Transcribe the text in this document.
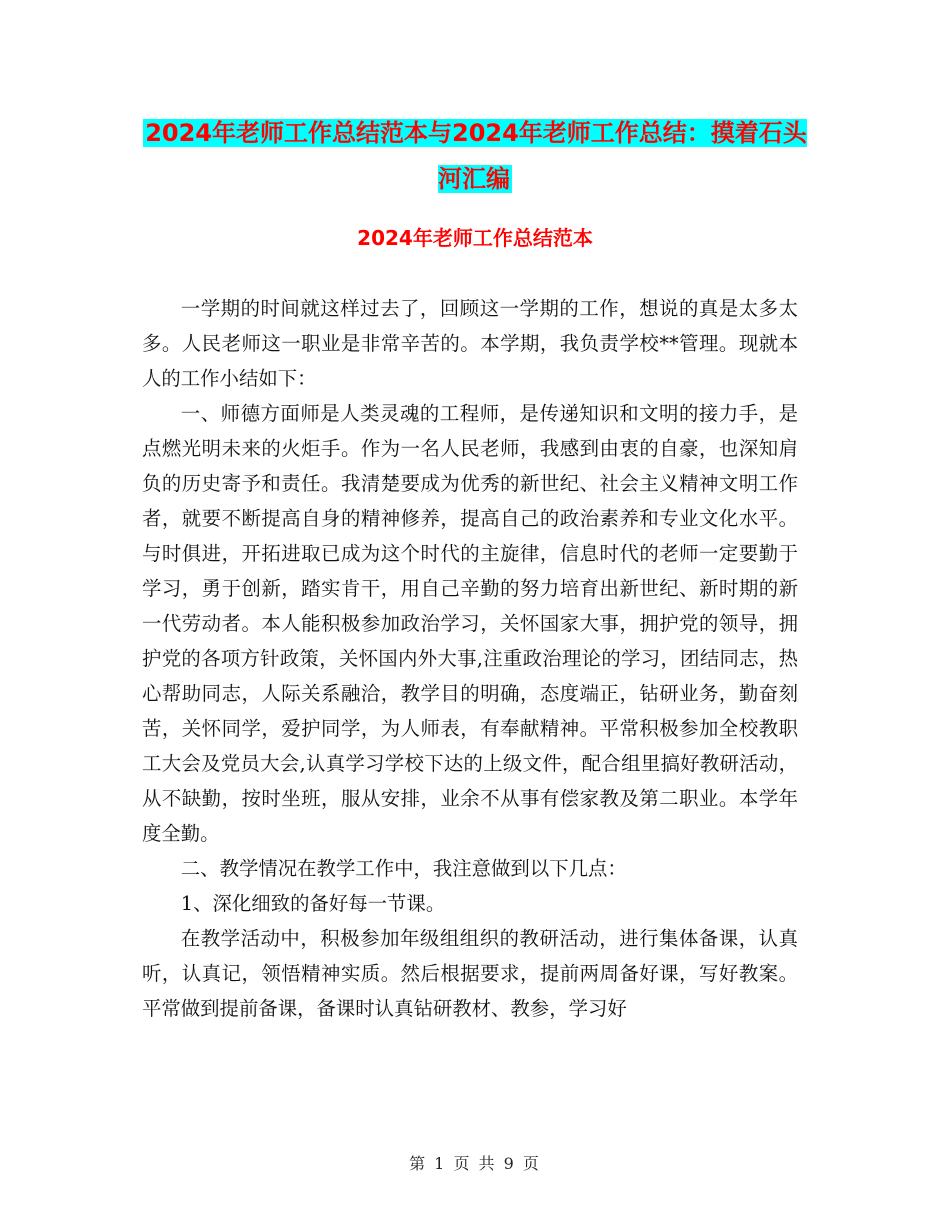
2024年老师工作总结范本与2024年老师工作总结：摸着石头河汇编
2024年老师工作总结范本

一学期的时间就这样过去了，回顾这一学期的工作，想说的真是太多太多。人民老师这一职业是非常辛苦的。本学期，我负责学校**管理。现就本人的工作小结如下：

一、师德方面师是人类灵魂的工程师，是传递知识和文明的接力手，是点燃光明未来的火炬手。作为一名人民老师，我感到由衷的自豪，也深知肩负的历史寄予和责任。我清楚要成为优秀的新世纪、社会主义精神文明工作者，就要不断提高自身的精神修养，提高自己的政治素养和专业文化水平。与时俱进，开拓进取已成为这个时代的主旋律，信息时代的老师一定要勤于学习，勇于创新，踏实肯干，用自己辛勤的努力培育出新世纪、新时期的新一代劳动者。本人能积极参加政治学习，关怀国家大事，拥护党的领导，拥护党的各项方针政策，关怀国内外大事,注重政治理论的学习，团结同志，热心帮助同志，人际关系融洽，教学目的明确，态度端正，钻研业务，勤奋刻苦，关怀同学，爱护同学，为人师表，有奉献精神。平常积极参加全校教职工大会及党员大会,认真学习学校下达的上级文件，配合组里搞好教研活动，从不缺勤，按时坐班，服从安排，业余不从事有偿家教及第二职业。本学年度全勤。

二、教学情况在教学工作中，我注意做到以下几点：

1、深化细致的备好每一节课。

在教学活动中，积极参加年级组组织的教研活动，进行集体备课，认真听，认真记，领悟精神实质。然后根据要求，提前两周备好课，写好教案。平常做到提前备课，备课时认真钻研教材、教参，学习好

第 1 页 共 9 页
